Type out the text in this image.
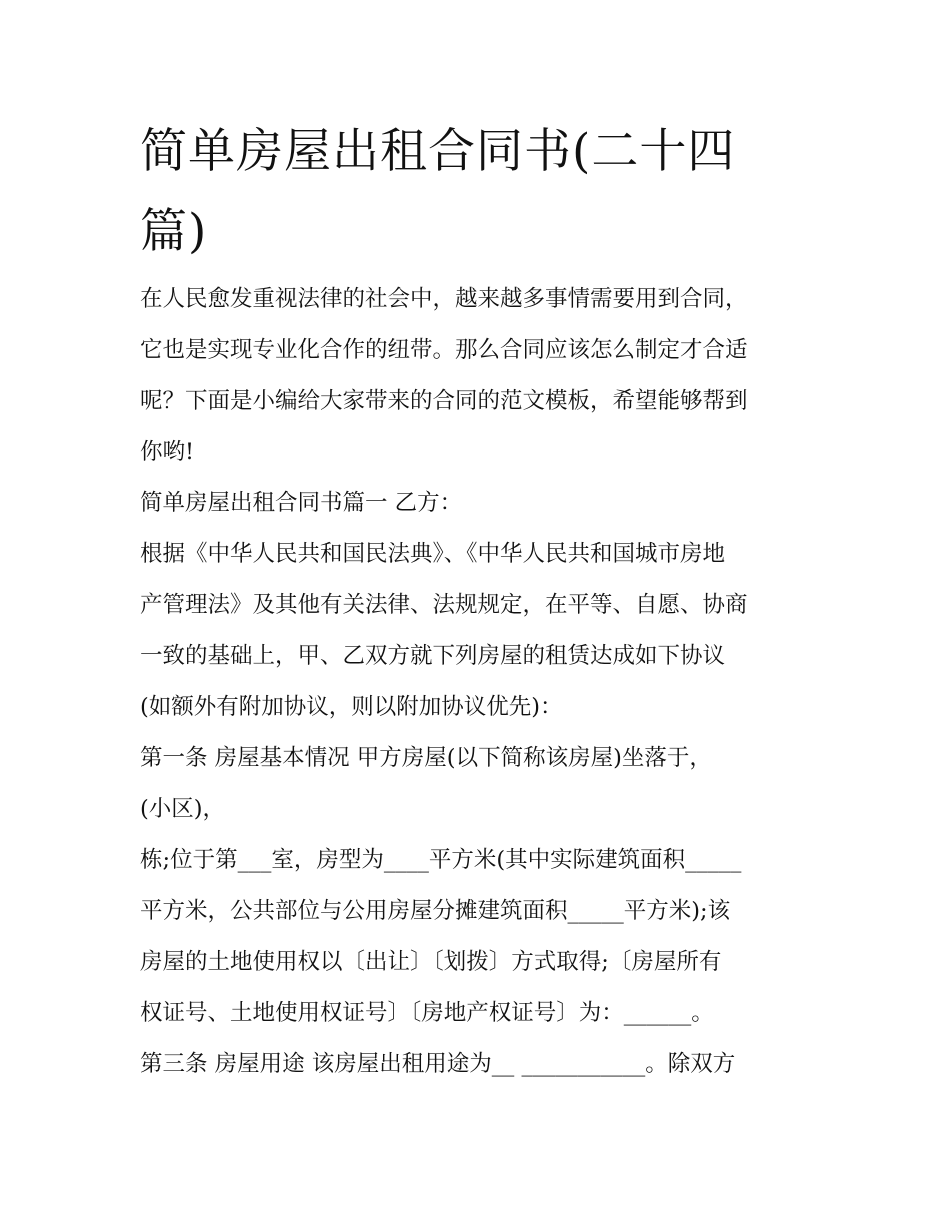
简单房屋出租合同书(二十四篇)

在人民愈发重视法律的社会中，越来越多事情需要用到合同，

它也是实现专业化合作的纽带。那么合同应该怎么制定才合适

呢？下面是小编给大家带来的合同的范文模板，希望能够帮到

你哟!

简单房屋出租合同书篇一 乙方：

根据《中华人民共和国民法典》、《中华人民共和国城市房地

产管理法》及其他有关法律、法规规定，在平等、自愿、协商

一致的基础上，甲、乙双方就下列房屋的租赁达成如下协议

(如额外有附加协议，则以附加协议优先)：

第一条 房屋基本情况 甲方房屋(以下简称该房屋)坐落于，

(小区)，

栋;位于第___室，房型为____平方米(其中实际建筑面积_____

平方米，公共部位与公用房屋分摊建筑面积_____平方米);该

房屋的土地使用权以〔出让〕〔划拨〕方式取得;〔房屋所有

权证号、土地使用权证号〕〔房地产权证号〕为：______。

第三条 房屋用途 该房屋出租用途为__ ___________。除双方
